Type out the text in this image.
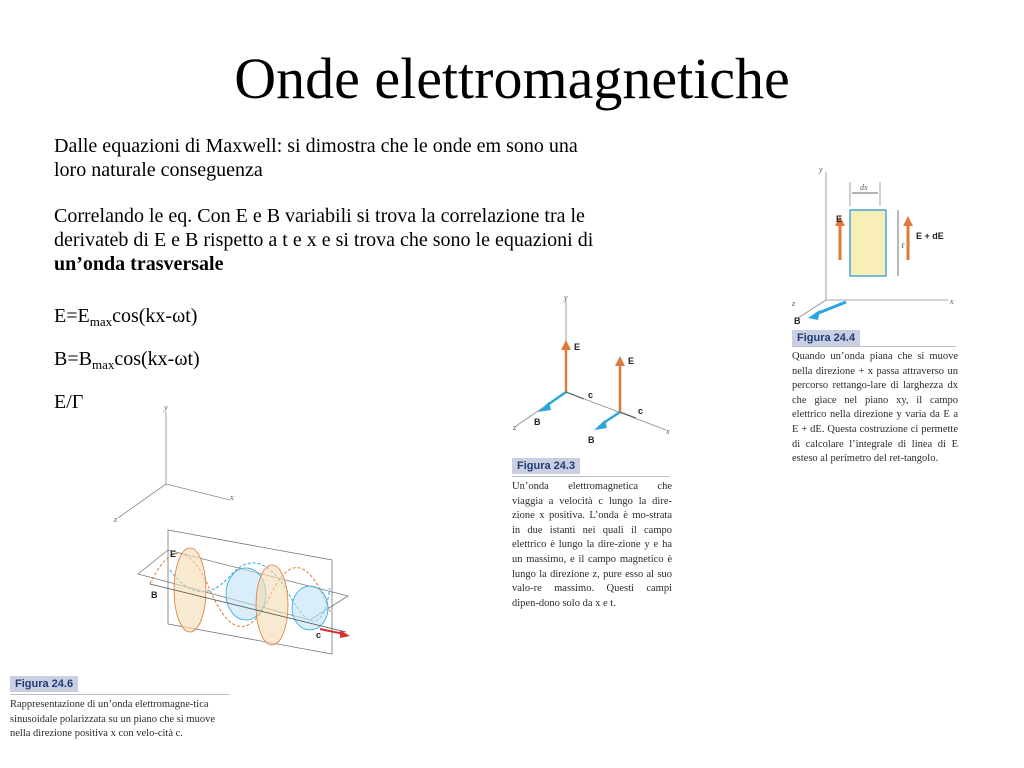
Onde elettromagnetiche
Dalle equazioni di Maxwell: si dimostra che le onde em sono una loro naturale conseguenza
Correlando le eq. Con E e B variabili si trova la correlazione tra le derivateb di E e B rispetto a t e x e si trova che sono le equazioni di un’onda trasversale
$E=E_{max}\cos(kx-\omega t)$
$B=B_{max}\cos(kx-\omega t)$
E/Γ
y
x
z
dx
E
E + dE
ℓ
B
Figura 24.4
Quando un’onda piana che si muove nella direzione + x passa attraverso un percorso rettango-lare di larghezza dx che giace nel piano xy, il campo elettrico nella direzione y varia da E a E + dE. Questa costruzione ci permette di calcolare l’integrale di linea di E esteso al perimetro del ret-tangolo.
y
x
z
E
B
c
E
B
c
Figura 24.3
Un’onda elettromagnetica che viaggia a velocità c lungo la dire-zione x positiva. L’onda è mo-strata in due istanti nei quali il campo elettrico è lungo la dire-zione y e ha un massimo, e il campo magnetico è lungo la direzione z, pure esso al suo valo-re massimo. Questi campi dipen-dono solo da x e t.
y
x
z
c
E
B
Figura 24.6
Rappresentazione di un’onda elettromagne-tica sinusoidale polarizzata su un piano che si muove nella direzione positiva x con velo-cità c.
